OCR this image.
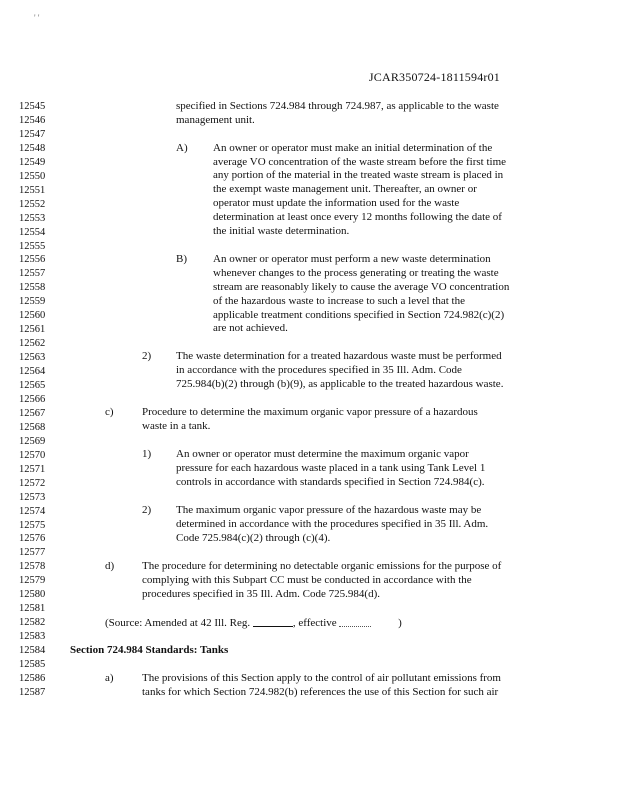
' '
JCAR350724-1811594r01
12545
12546
12547
12548
12549
12550
12551
12552
12553
12554
12555
12556
12557
12558
12559
12560
12561
12562
12563
12564
12565
12566
12567
12568
12569
12570
12571
12572
12573
12574
12575
12576
12577
12578
12579
12580
12581
12582
12583
12584
12585
12586
12587
specified in Sections 724.984 through 724.987, as applicable to the waste
management unit.
A) An owner or operator must make an initial determination of the
average VO concentration of the waste stream before the first time
any portion of the material in the treated waste stream is placed in
the exempt waste management unit. Thereafter, an owner or
operator must update the information used for the waste
determination at least once every 12 months following the date of
the initial waste determination.
B) An owner or operator must perform a new waste determination
whenever changes to the process generating or treating the waste
stream are reasonably likely to cause the average VO concentration
of the hazardous waste to increase to such a level that the
applicable treatment conditions specified in Section 724.982(c)(2)
are not achieved.
2) The waste determination for a treated hazardous waste must be performed
in accordance with the procedures specified in 35 Ill. Adm. Code
725.984(b)(2) through (b)(9), as applicable to the treated hazardous waste.
c)	Procedure to determine the maximum organic vapor pressure of a hazardous
waste in a tank.
1) An owner or operator must determine the maximum organic vapor
pressure for each hazardous waste placed in a tank using Tank Level 1
controls in accordance with standards specified in Section 724.984(c).
2) The maximum organic vapor pressure of the hazardous waste may be
determined in accordance with the procedures specified in 35 Ill. Adm.
Code 725.984(c)(2) through (c)(4).
d)	The procedure for determining no detectable organic emissions for the purpose of
complying with this Subpart CC must be conducted in accordance with the
procedures specified in 35 Ill. Adm. Code 725.984(d).
(Source: Amended at 42 Ill. Reg.	, effective	)
Section 724.984 Standards: Tanks
a)	The provisions of this Section apply to the control of air pollutant emissions from
tanks for which Section 724.982(b) references the use of this Section for such air
